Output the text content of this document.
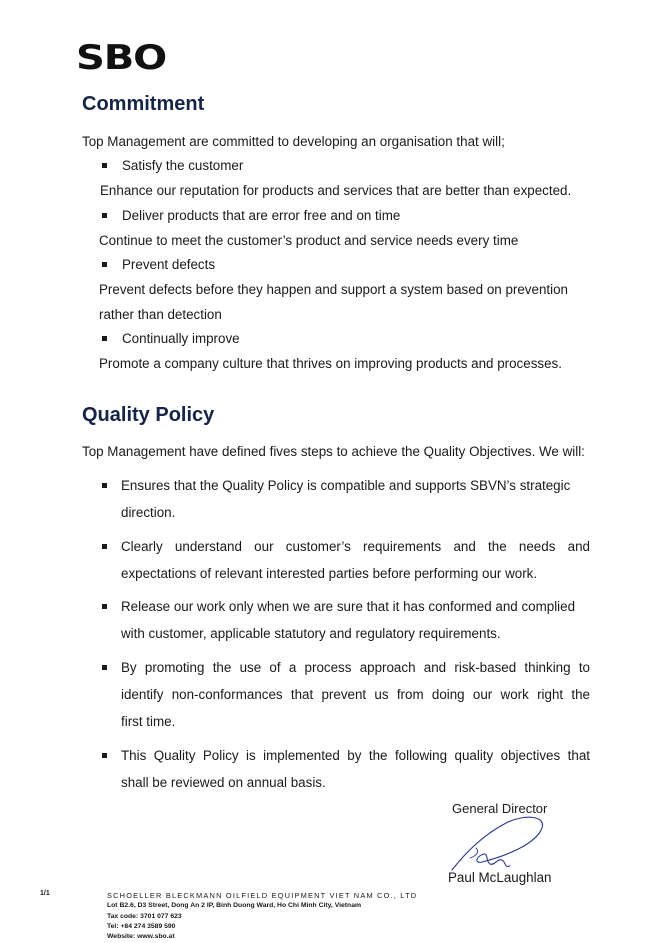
SBO
Commitment
Top Management are committed to developing an organisation that will;
Satisfy the customer
Enhance our reputation for products and services that are better than expected.
Deliver products that are error free and on time
Continue to meet the customer’s product and service needs every time
Prevent defects
Prevent defects before they happen and support a system based on prevention
rather than detection
Continually improve
Promote a company culture that thrives on improving products and processes.
Quality Policy
Top Management have defined fives steps to achieve the Quality Objectives. We will:
Ensures that the Quality Policy is compatible and supports SBVN’s strategic
direction.
Clearly understand our customer’s requirements and the needs and
expectations of relevant interested parties before performing our work.
Release our work only when we are sure that it has conformed and complied
with customer, applicable statutory and regulatory requirements.
By promoting the use of a process approach and risk-based thinking to
identify non-conformances that prevent us from doing our work right the
first time.
This Quality Policy is implemented by the following quality objectives that
shall be reviewed on annual basis.
General Director
Paul McLaughlan
1/1	SCHOELLER BLECKMANN OILFIELD EQUIPMENT VIET NAM CO., LTD
Lot B2.6, D3 Street, Dong An 2 IP, Binh Duong Ward, Ho Chi Minh City, Vietnam
Tax code: 3701 077 623
Tel: +84 274 3589 590
Website: www.sbo.at
